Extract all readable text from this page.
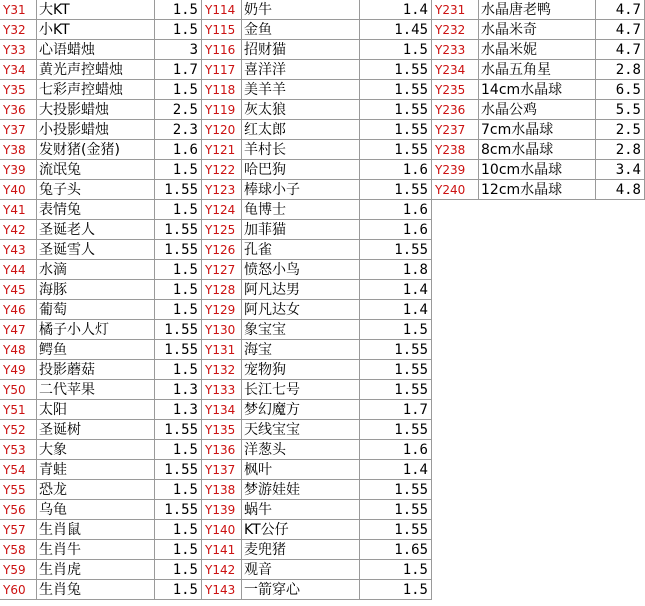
Y31 大KT	1.5 Y114 奶牛	1.4 Y231	水晶唐老鸭	4.7
Y32 小KT	1.5 Y115 金鱼	1.45 Y232	水晶米奇	4.7
Y33 心语蜡烛	3 Y116 招财猫	1.5 Y233	水晶米妮	4.7
Y34 黄光声控蜡烛	1.7 Y117 喜洋洋	1.55 Y234	水晶五角星	2.8
Y35 七彩声控蜡烛	1.5 Y118 美羊羊	1.55 Y235	14cm水晶球	6.5
Y36 大投影蜡烛	2.5 Y119 灰太狼	1.55 Y236	水晶公鸡	5.5
Y37 小投影蜡烛	2.3 Y120 红太郎	1.55 Y237	7cm水晶球	2.5
Y38 发财猪(金猪)	1.6 Y121 羊村长	1.55 Y238	8cm水晶球	2.8
Y39 流氓兔	1.5 Y122 哈巴狗	1.6 Y239	10cm水晶球	3.4
Y40 兔子头	1.55 Y123 棒球小子	1.55 Y240	12cm水晶球	4.8
Y41 表情兔	1.5 Y124 龟博士	1.6
Y42 圣诞老人	1.55 Y125 加菲猫	1.6
Y43 圣诞雪人	1.55 Y126 孔雀	1.55
Y44 水滴	1.5 Y127 愤怒小鸟	1.8
Y45 海豚	1.5 Y128 阿凡达男	1.4
Y46 葡萄	1.5 Y129 阿凡达女	1.4
Y47 橘子小人灯	1.55 Y130 象宝宝	1.5
Y48 鳄鱼	1.55 Y131 海宝	1.55
Y49 投影蘑菇	1.5 Y132 宠物狗	1.55
Y50 二代苹果	1.3 Y133 长江七号	1.55
Y51 太阳	1.3 Y134 梦幻魔方	1.7
Y52 圣诞树	1.55 Y135 天线宝宝	1.55
Y53 大象	1.5 Y136 洋葱头	1.6
Y54 青蛙	1.55 Y137 枫叶	1.4
Y55 恐龙	1.5 Y138 梦游娃娃	1.55
Y56 乌龟	1.55 Y139 蜗牛	1.55
Y57 生肖鼠	1.5 Y140 KT公仔	1.55
Y58 生肖牛	1.5 Y141 麦兜猪	1.65
Y59 生肖虎	1.5 Y142 观音	1.5
Y60 生肖兔	1.5 Y143 一箭穿心	1.5
